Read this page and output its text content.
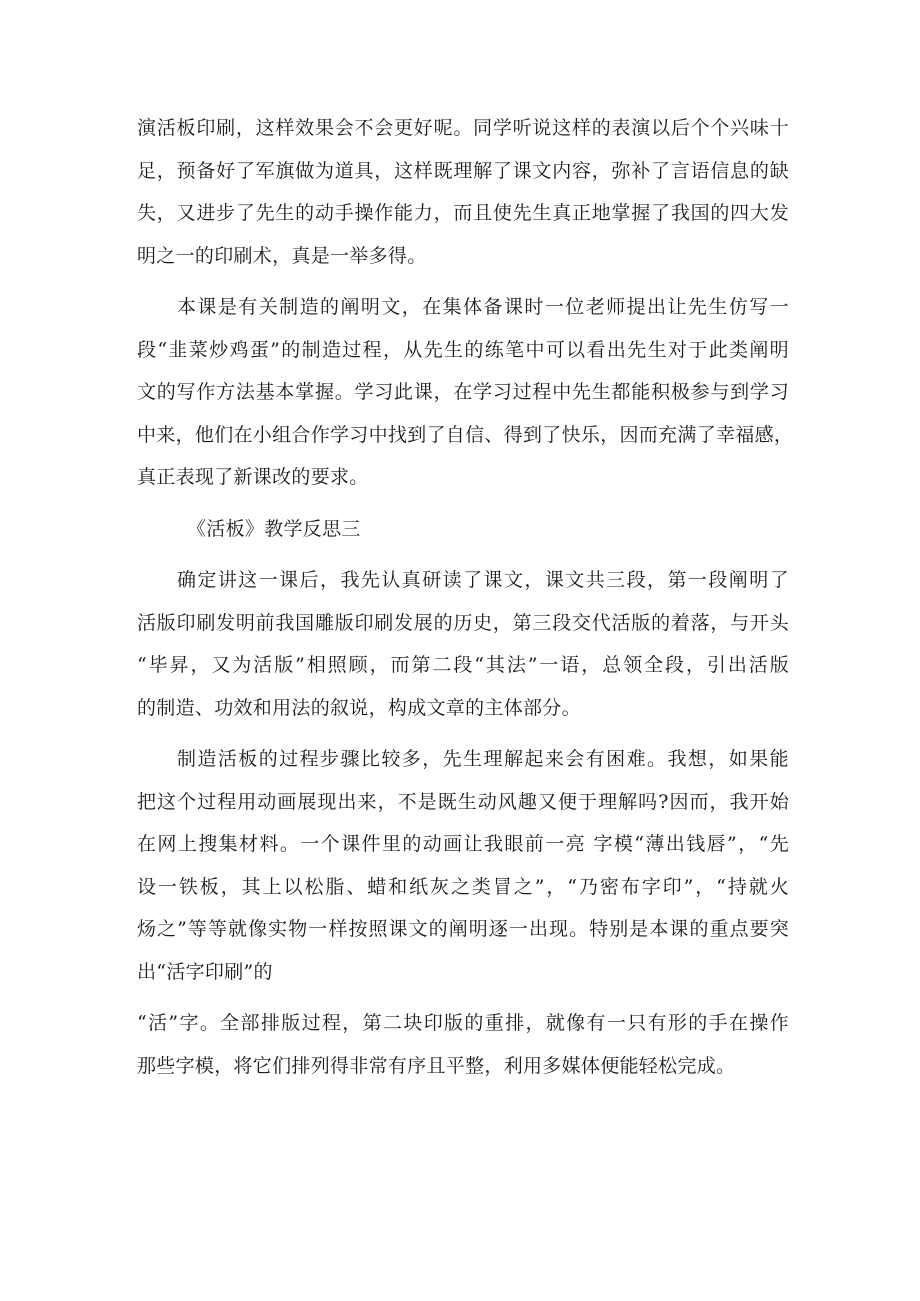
演活板印刷，这样效果会不会更好呢。同学听说这样的表演以后个个兴味十
足，预备好了军旗做为道具，这样既理解了课文内容，弥补了言语信息的缺
失，又进步了先生的动手操作能力，而且使先生真正地掌握了我国的四大发
明之一的印刷术，真是一举多得。
本课是有关制造的阐明文，在集体备课时一位老师提出让先生仿写一
段“韭菜炒鸡蛋”的制造过程，从先生的练笔中可以看出先生对于此类阐明
文的写作方法基本掌握。学习此课，在学习过程中先生都能积极参与到学习
中来，他们在小组合作学习中找到了自信、得到了快乐，因而充满了幸福感，
真正表现了新课改的要求。
《活板》教学反思三
确定讲这一课后，我先认真研读了课文，课文共三段，第一段阐明了
活版印刷发明前我国雕版印刷发展的历史，第三段交代活版的着落，与开头
“毕昇，又为活版”相照顾，而第二段“其法”一语，总领全段，引出活版
的制造、功效和用法的叙说，构成文章的主体部分。
制造活板的过程步骤比较多，先生理解起来会有困难。我想，如果能
把这个过程用动画展现出来，不是既生动风趣又便于理解吗?因而，我开始
在网上搜集材料。一个课件里的动画让我眼前一亮 字模“薄出钱唇”，“先
设一铁板，其上以松脂、蜡和纸灰之类冒之”，“乃密布字印”，“持就火
炀之”等等就像实物一样按照课文的阐明逐一出现。特别是本课的重点要突
出“活字印刷”的
“活”字。全部排版过程，第二块印版的重排，就像有一只有形的手在操作
那些字模，将它们排列得非常有序且平整，利用多媒体便能轻松完成。
